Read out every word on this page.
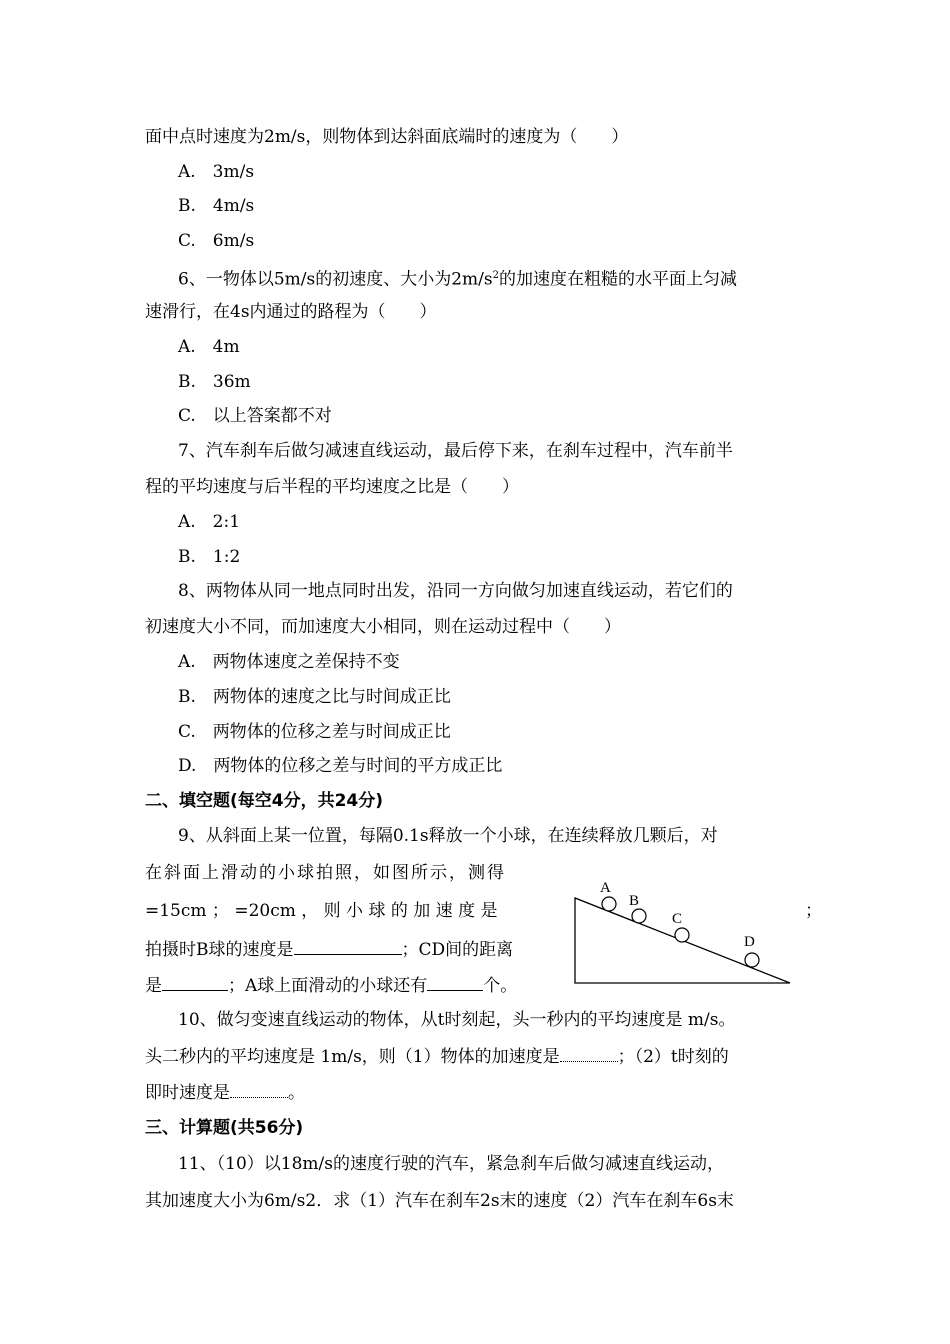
面中点时速度为2m/s，则物体到达斜面底端时的速度为（　　）
A.　3m/s
B.　4m/s
C.　6m/s
6、一物体以5m/s的初速度、大小为$2m/s^2$的加速度在粗糙的水平面上匀减
速滑行，在4s内通过的路程为（　　）
A.　4m
B.　36m
C.　以上答案都不对
7、汽车刹车后做匀减速直线运动，最后停下来，在刹车过程中，汽车前半
程的平均速度与后半程的平均速度之比是（　　）
A.　2:1
B.　1:2
8、两物体从同一地点同时出发，沿同一方向做匀加速直线运动，若它们的
初速度大小不同，而加速度大小相同，则在运动过程中（　　）
A.　两物体速度之差保持不变
B.　两物体的速度之比与时间成正比
C.　两物体的位移之差与时间成正比
D.　两物体的位移之差与时间的平方成正比
二、填空题(每空4分，共24分)
9、从斜面上某一位置，每隔0.1s释放一个小球，在连续释放几颗后，对
在斜面上滑动的小球拍照，如图所示，测得
=15cm ； =20cm ， 则 小 球 的 加 速 度 是	；
拍摄时B球的速度是	；CD间的距离
是	；A球上面滑动的小球还有	个。
A
B
C
D
10、做匀变速直线运动的物体，从t时刻起，头一秒内的平均速度是 m/s。
头二秒内的平均速度是 1m/s，则（1）物体的加速度是	；（2）t时刻的
即时速度是	。
三、计算题(共56分)
11、（10）以18m/s的速度行驶的汽车，紧急刹车后做匀减速直线运动，
其加速度大小为6m/s2．求（1）汽车在刹车2s末的速度（2）汽车在刹车6s末
